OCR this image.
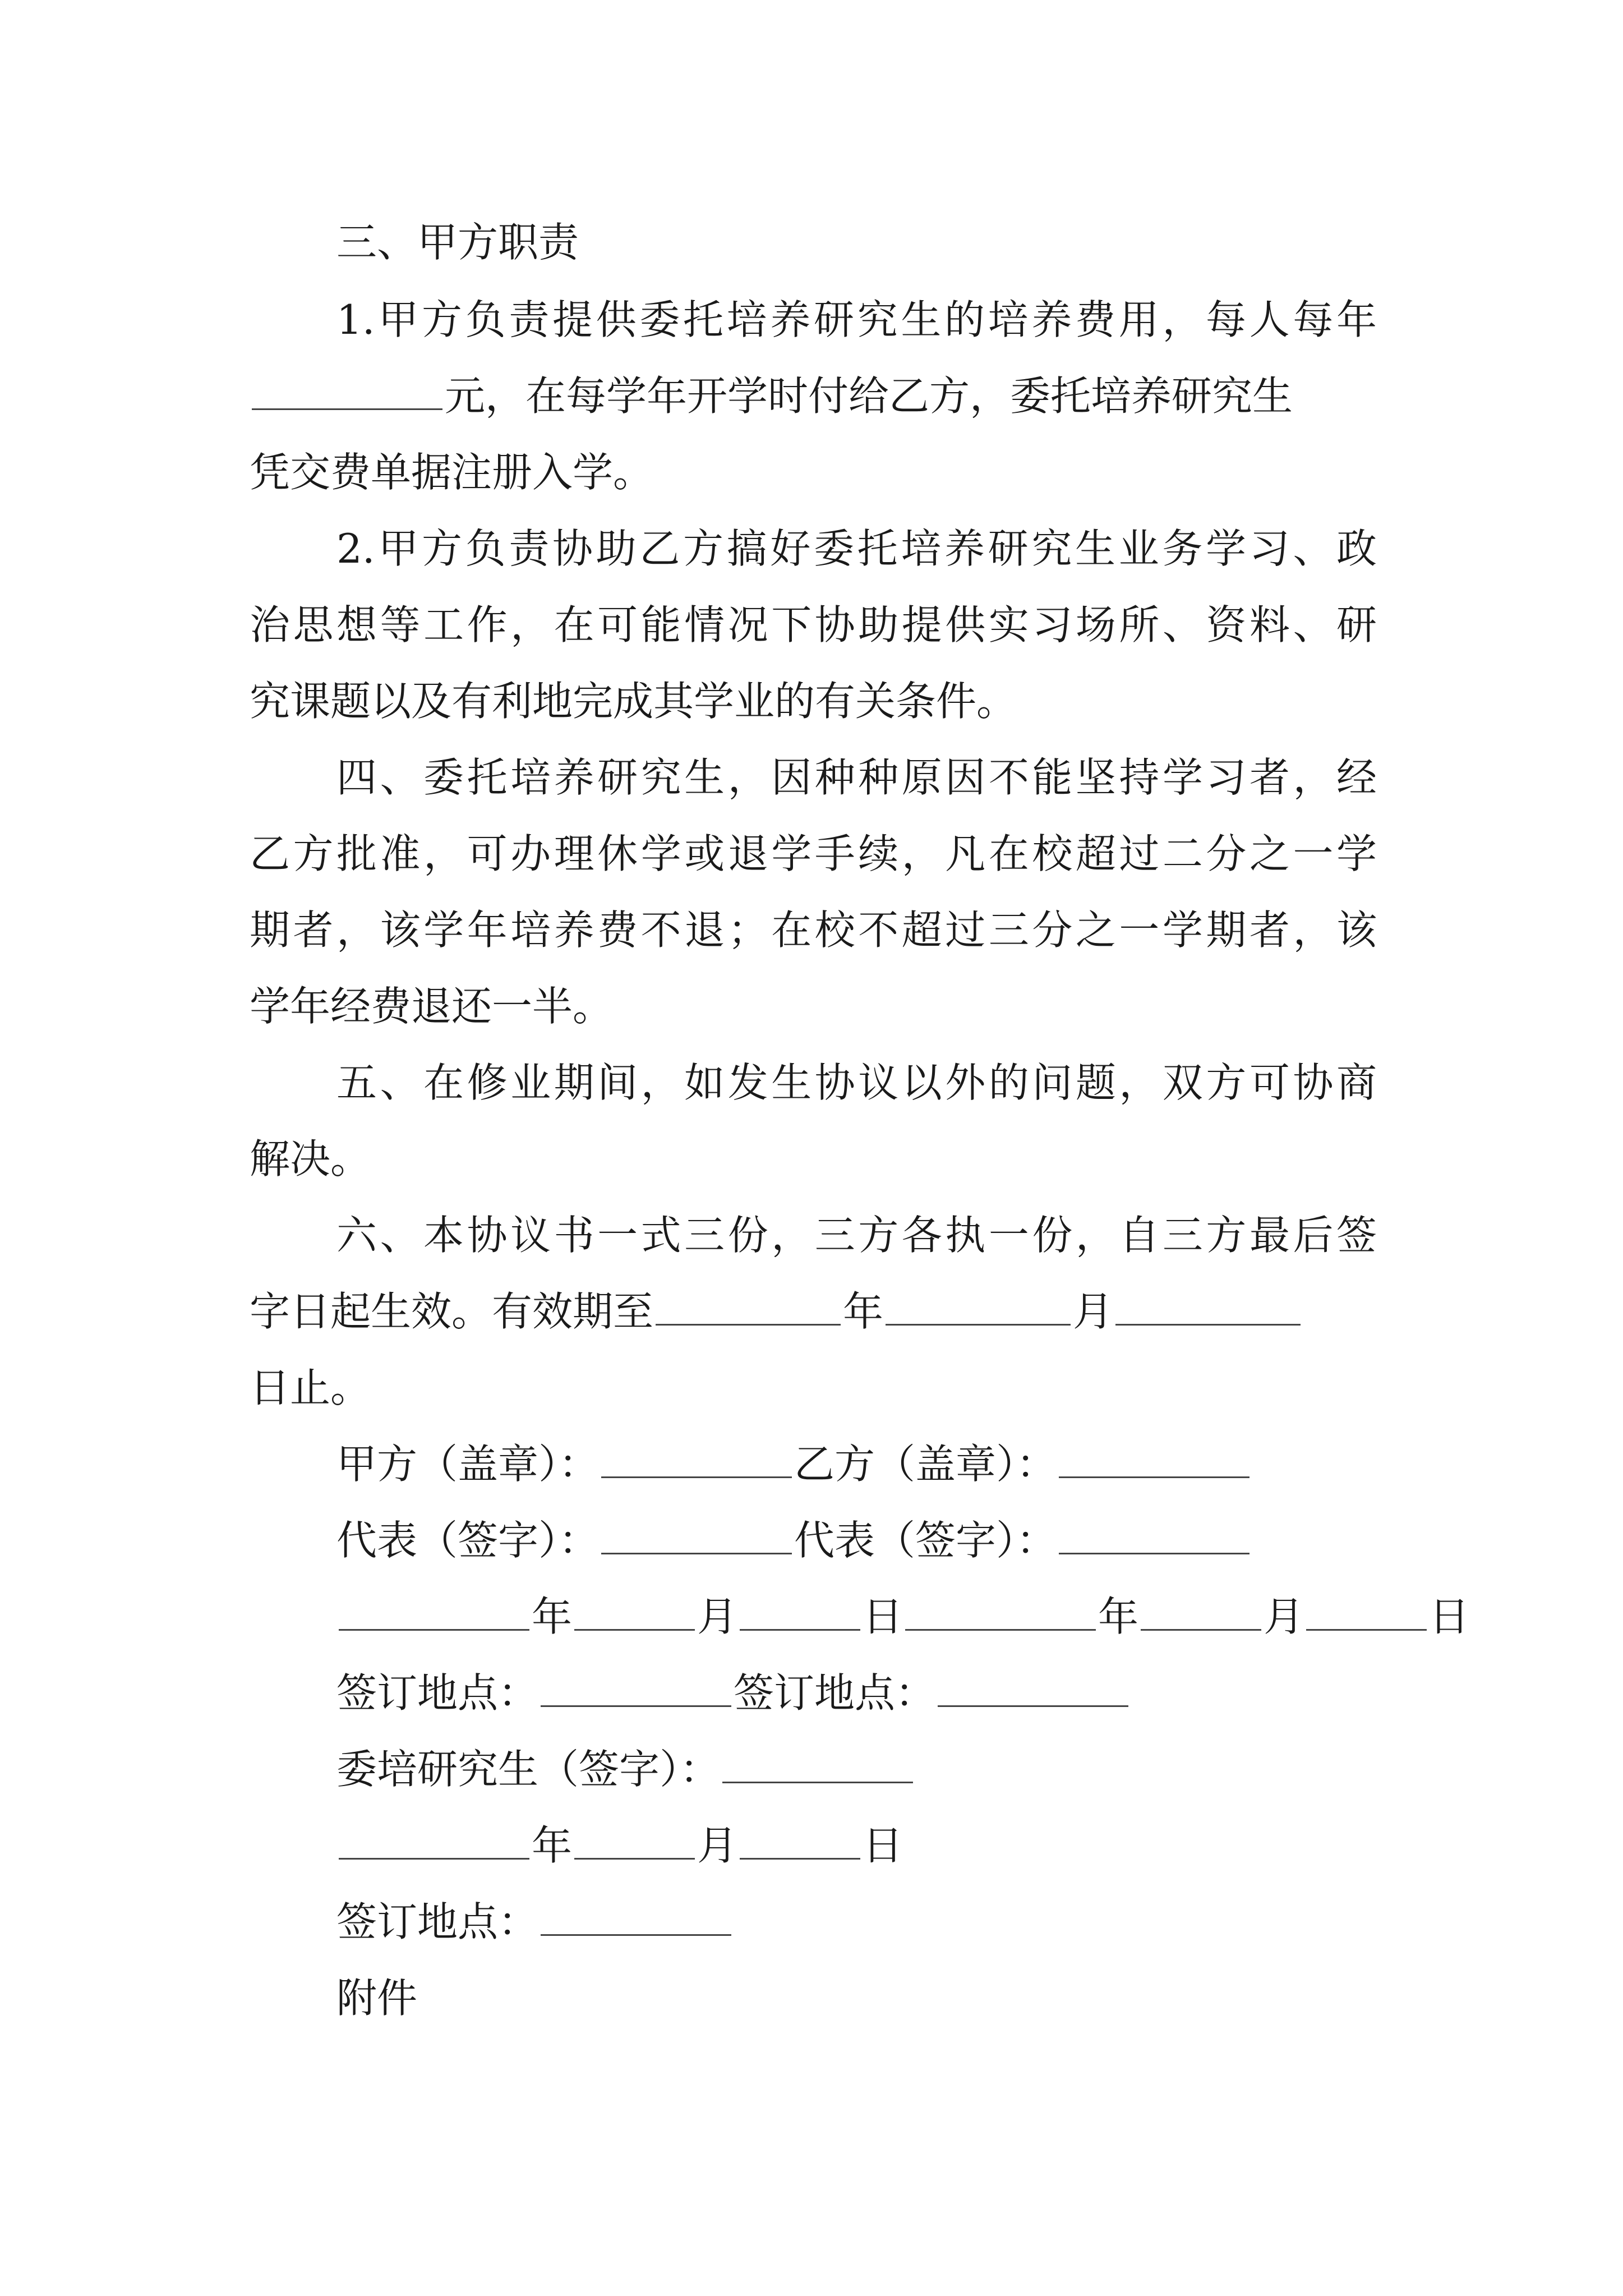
三、甲方职责
1.甲方负责提供委托培养研究生的培养费用，每人每年
元，在每学年开学时付给乙方，委托培养研究生
凭交费单据注册入学。
2.甲方负责协助乙方搞好委托培养研究生业务学习、政
治思想等工作，在可能情况下协助提供实习场所、资料、研
究课题以及有利地完成其学业的有关条件。
四、委托培养研究生，因种种原因不能坚持学习者，经
乙方批准，可办理休学或退学手续，凡在校超过二分之一学
期者，该学年培养费不退；在校不超过三分之一学期者，该
学年经费退还一半。
五、在修业期间，如发生协议以外的问题，双方可协商
解决。
六、本协议书一式三份，三方各执一份，自三方最后签
字日起生效。有效期至	年	月
日止。
甲方（盖章）：	乙方（盖章）：
代表（签字）：	代表（签字）：
年	月	日	年	月	日
签订地点：	签订地点：
委培研究生（签字）：
年	月	日
签订地点：
附件
